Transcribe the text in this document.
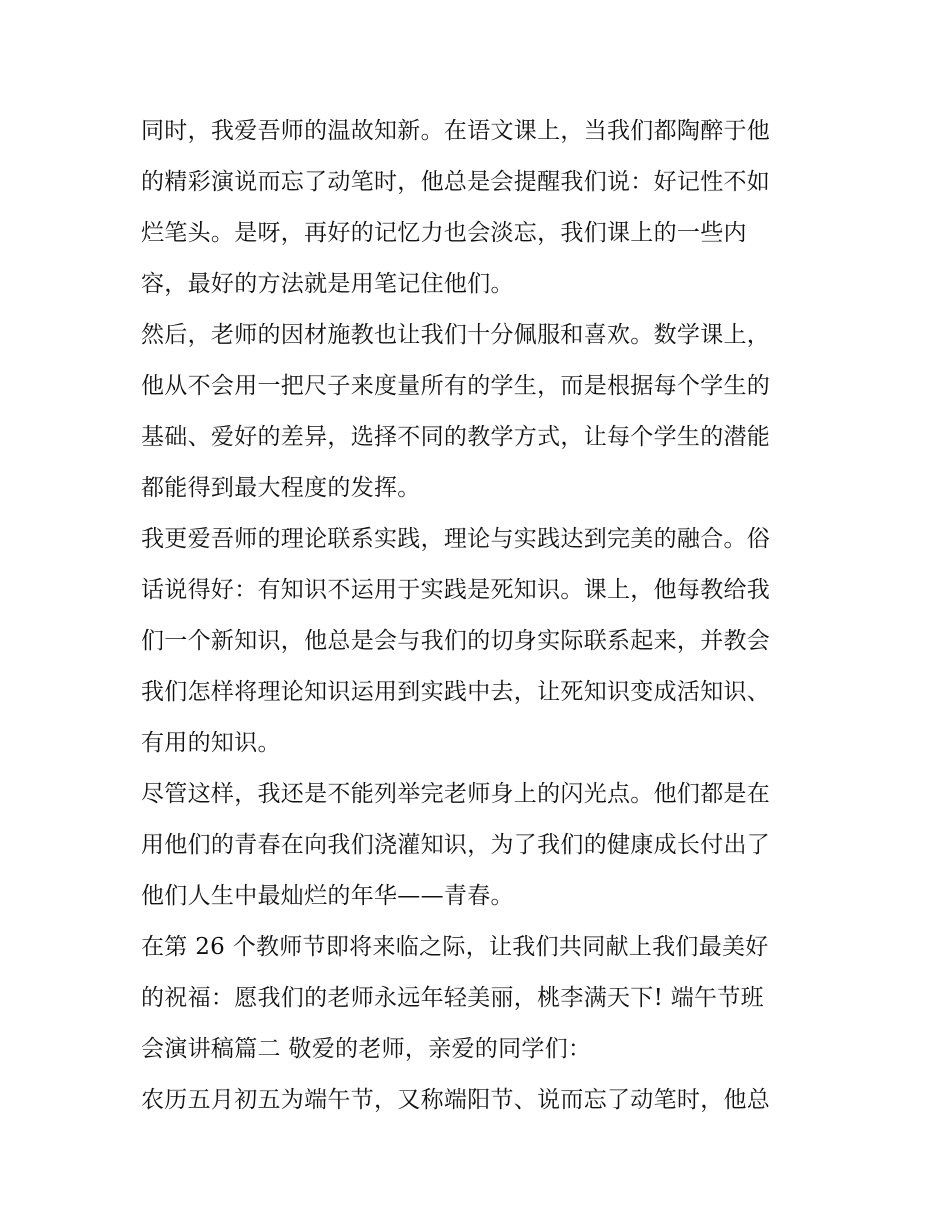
同时，我爱吾师的温故知新。在语文课上，当我们都陶醉于他
的精彩演说而忘了动笔时，他总是会提醒我们说：好记性不如
烂笔头。是呀，再好的记忆力也会淡忘，我们课上的一些内
容，最好的方法就是用笔记住他们。
然后，老师的因材施教也让我们十分佩服和喜欢。数学课上，
他从不会用一把尺子来度量所有的学生，而是根据每个学生的
基础、爱好的差异，选择不同的教学方式，让每个学生的潜能
都能得到最大程度的发挥。
我更爱吾师的理论联系实践，理论与实践达到完美的融合。俗
话说得好：有知识不运用于实践是死知识。课上，他每教给我
们一个新知识，他总是会与我们的切身实际联系起来，并教会
我们怎样将理论知识运用到实践中去，让死知识变成活知识、
有用的知识。
尽管这样，我还是不能列举完老师身上的闪光点。他们都是在
用他们的青春在向我们浇灌知识，为了我们的健康成长付出了
他们人生中最灿烂的年华——青春。
在第 26 个教师节即将来临之际，让我们共同献上我们最美好
的祝福：愿我们的老师永远年轻美丽，桃李满天下! 端午节班
会演讲稿篇二 敬爱的老师，亲爱的同学们：
农历五月初五为端午节，又称端阳节、说而忘了动笔时，他总
